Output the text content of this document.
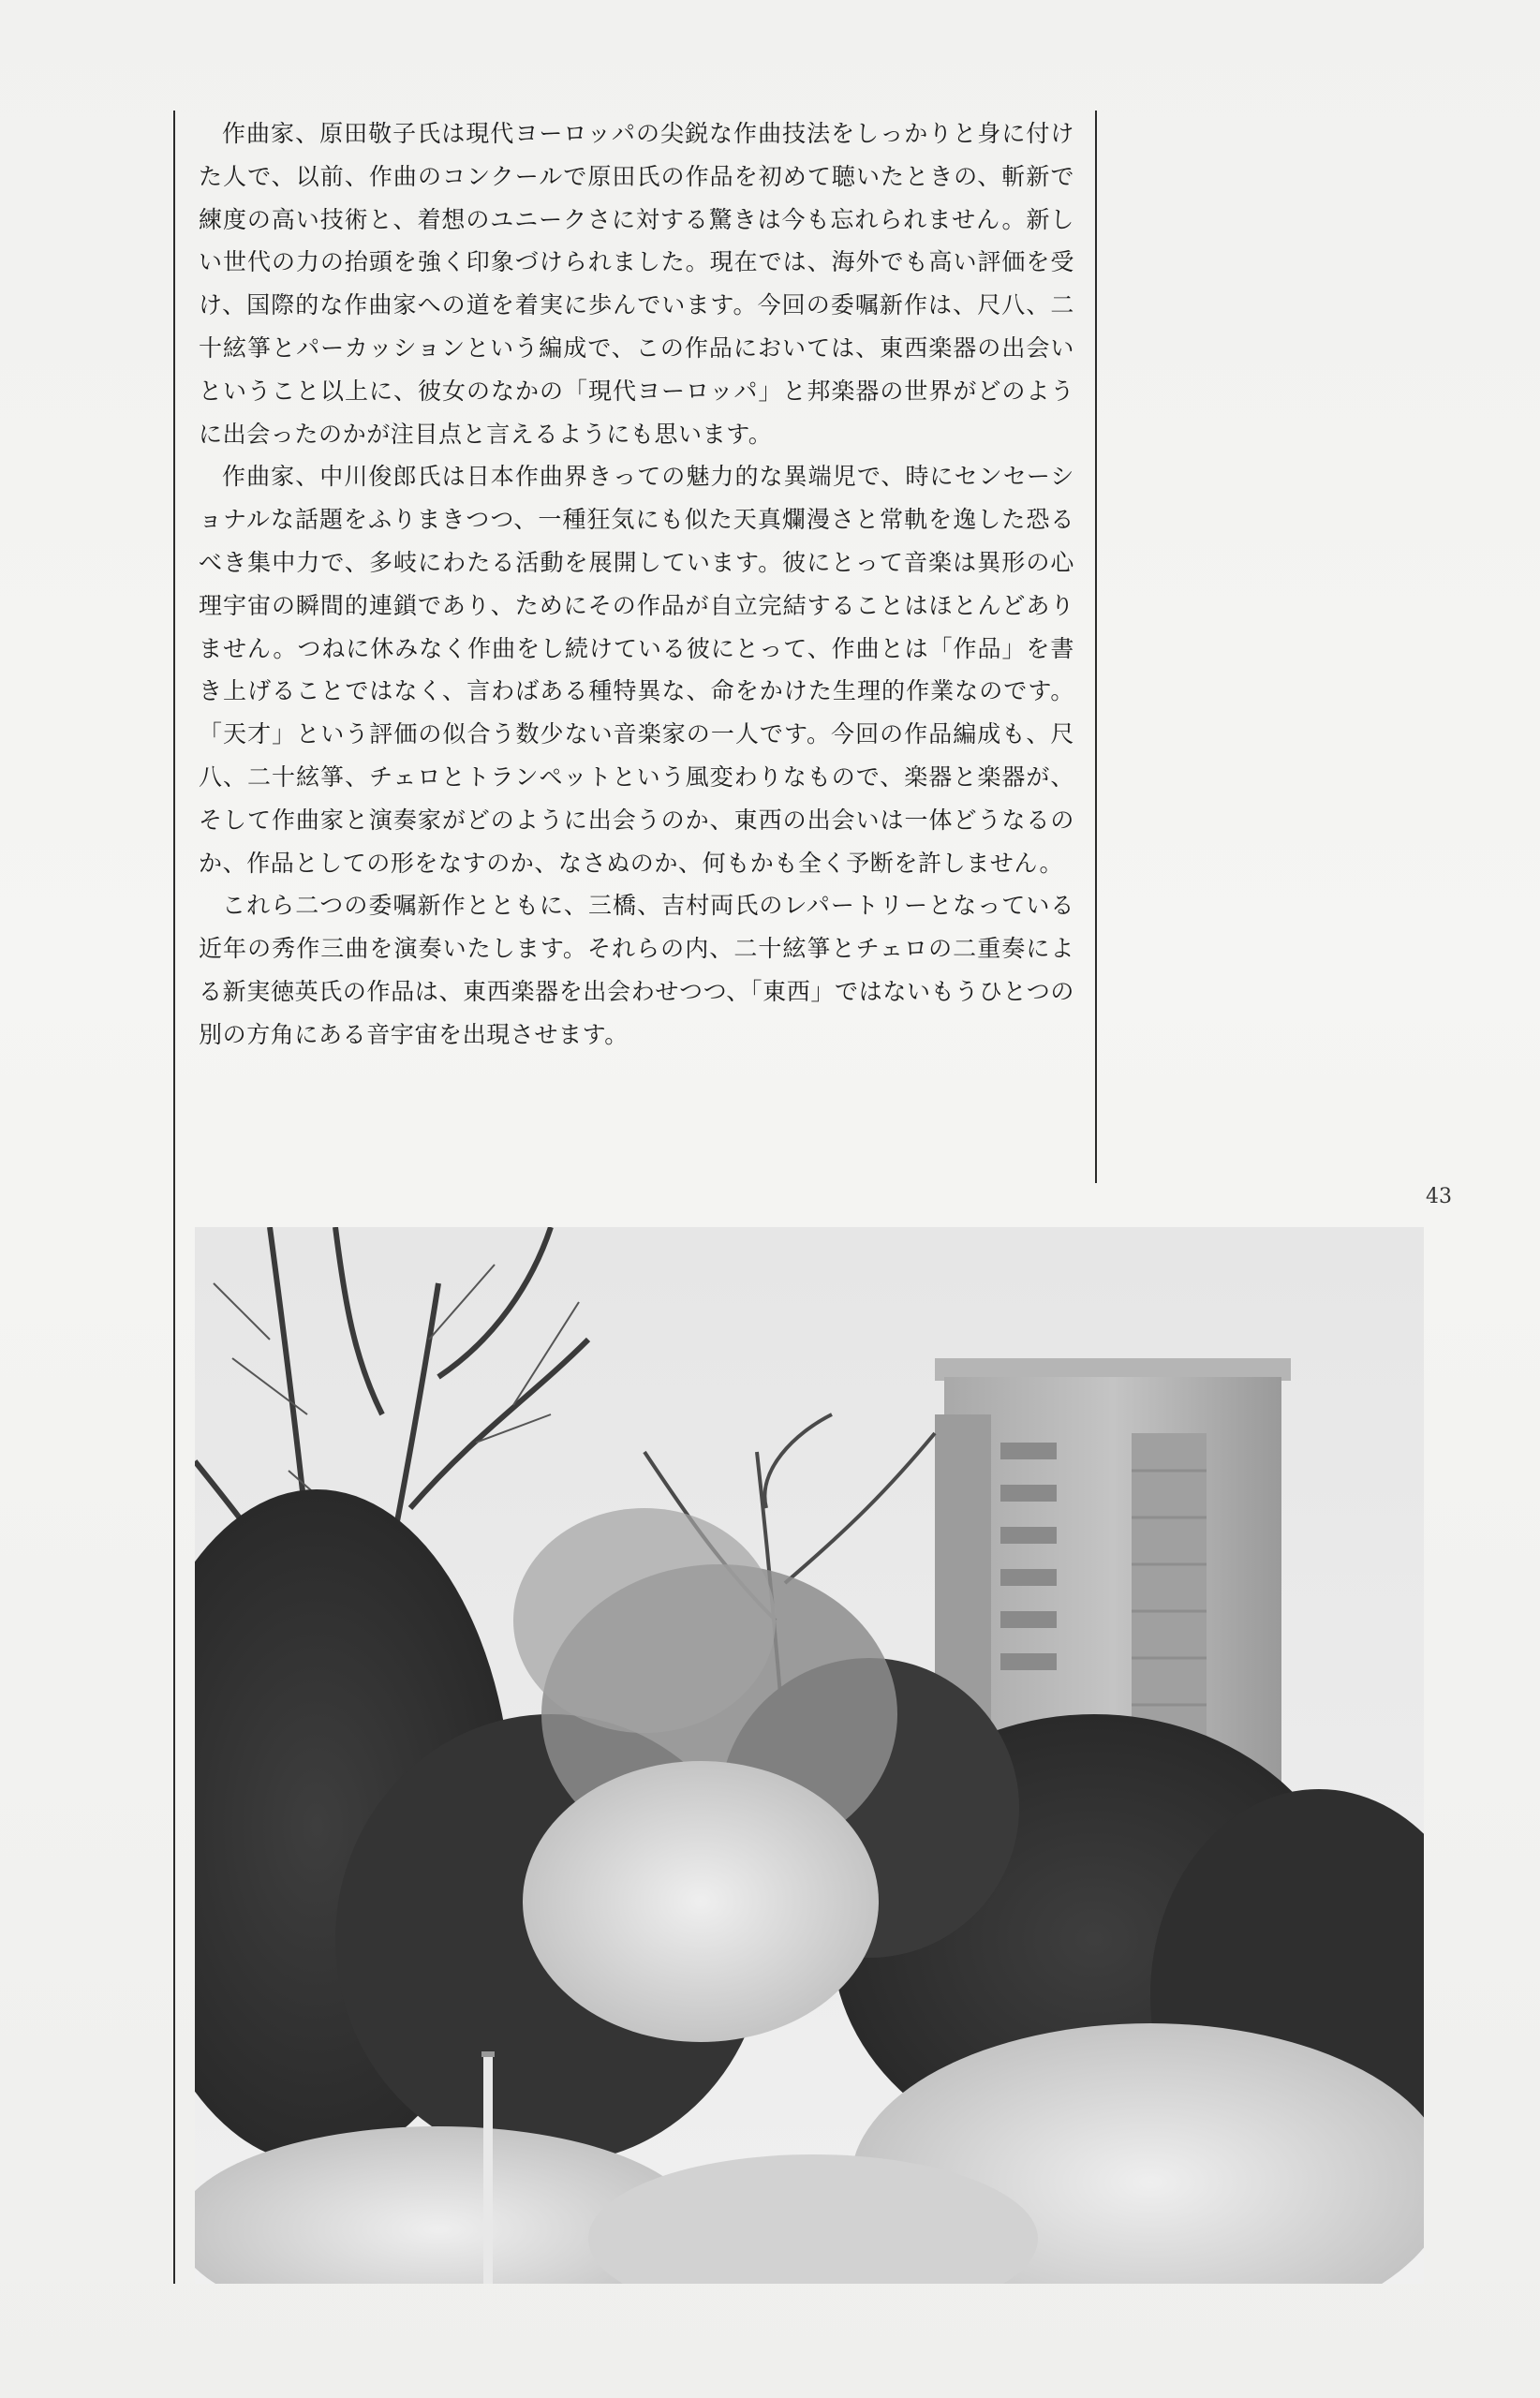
作曲家、原田敬子氏は現代ヨーロッパの尖鋭な作曲技法をしっかりと身に付けた人で、以前、作曲のコンクールで原田氏の作品を初めて聴いたときの、斬新で練度の高い技術と、着想のユニークさに対する驚きは今も忘れられません。新しい世代の力の抬頭を強く印象づけられました。現在では、海外でも高い評価を受け、国際的な作曲家への道を着実に歩んでいます。今回の委嘱新作は、尺八、二十絃箏とパーカッションという編成で、この作品においては、東西楽器の出会いということ以上に、彼女のなかの「現代ヨーロッパ」と邦楽器の世界がどのように出会ったのかが注目点と言えるようにも思います。

作曲家、中川俊郎氏は日本作曲界きっての魅力的な異端児で、時にセンセーショナルな話題をふりまきつつ、一種狂気にも似た天真爛漫さと常軌を逸した恐るべき集中力で、多岐にわたる活動を展開しています。彼にとって音楽は異形の心理宇宙の瞬間的連鎖であり、ためにその作品が自立完結することはほとんどありません。つねに休みなく作曲をし続けている彼にとって、作曲とは「作品」を書き上げることではなく、言わばある種特異な、命をかけた生理的作業なのです。「天才」という評価の似合う数少ない音楽家の一人です。今回の作品編成も、尺八、二十絃箏、チェロとトランペットという風変わりなもので、楽器と楽器が、そして作曲家と演奏家がどのように出会うのか、東西の出会いは一体どうなるのか、作品としての形をなすのか、なさぬのか、何もかも全く予断を許しません。

これら二つの委嘱新作とともに、三橋、吉村両氏のレパートリーとなっている近年の秀作三曲を演奏いたします。それらの内、二十絃箏とチェロの二重奏による新実徳英氏の作品は、東西楽器を出会わせつつ、「東西」ではないもうひとつの別の方角にある音宇宙を出現させます。

43
